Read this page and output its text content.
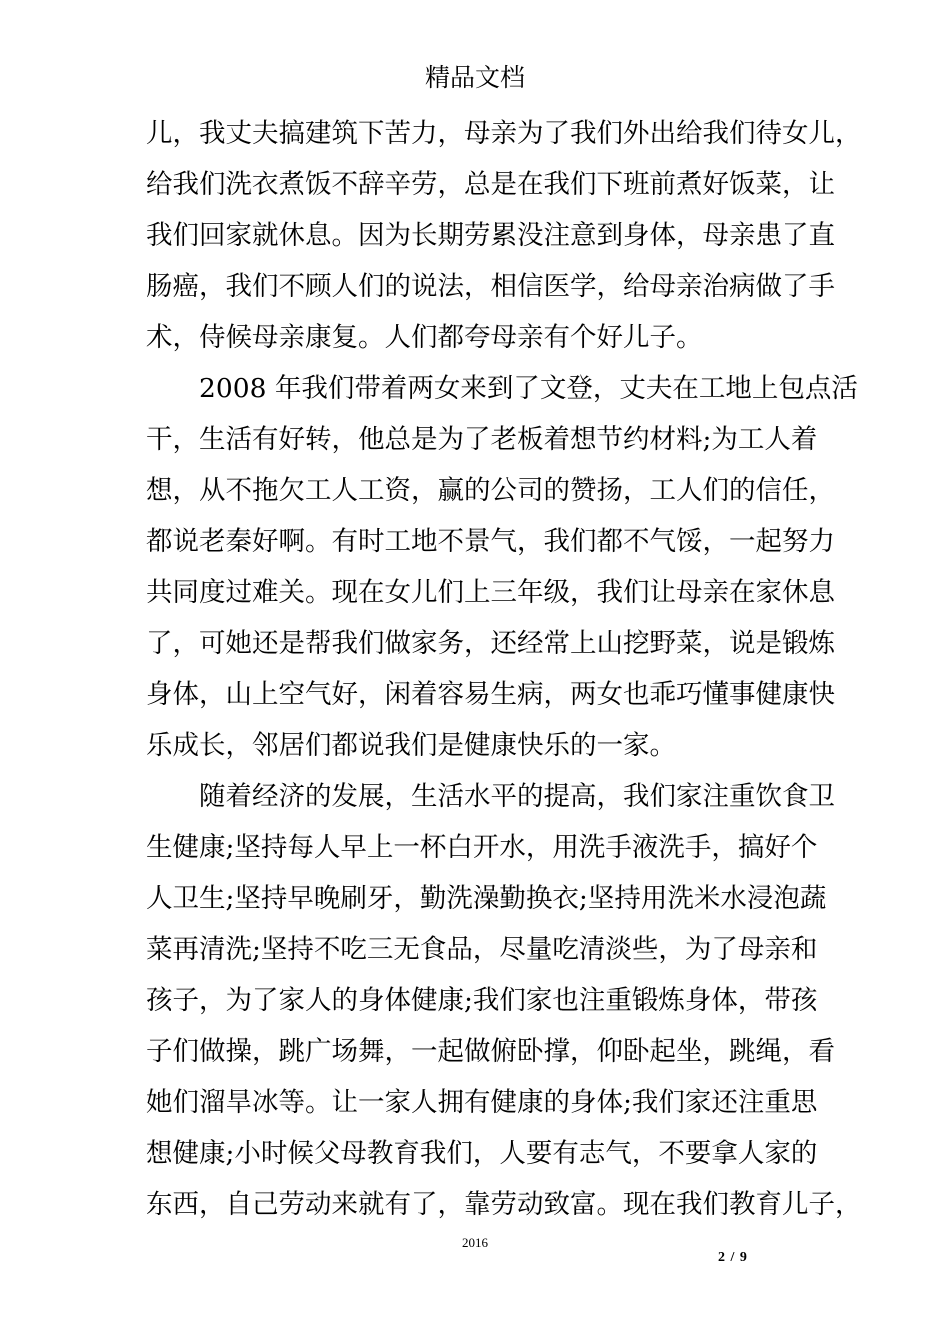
精品文档
儿，我丈夫搞建筑下苦力，母亲为了我们外出给我们待女儿，
给我们洗衣煮饭不辞辛劳，总是在我们下班前煮好饭菜，让
我们回家就休息。因为长期劳累没注意到身体，母亲患了直
肠癌，我们不顾人们的说法，相信医学，给母亲治病做了手
术，侍候母亲康复。人们都夸母亲有个好儿子。
2008 年我们带着两女来到了文登，丈夫在工地上包点活
干，生活有好转，他总是为了老板着想节约材料;为工人着
想，从不拖欠工人工资，赢的公司的赞扬，工人们的信任，
都说老秦好啊。有时工地不景气，我们都不气馁，一起努力
共同度过难关。现在女儿们上三年级，我们让母亲在家休息
了，可她还是帮我们做家务，还经常上山挖野菜，说是锻炼
身体，山上空气好，闲着容易生病，两女也乖巧懂事健康快
乐成长，邻居们都说我们是健康快乐的一家。
随着经济的发展，生活水平的提高，我们家注重饮食卫
生健康;坚持每人早上一杯白开水，用洗手液洗手，搞好个
人卫生;坚持早晚刷牙，勤洗澡勤换衣;坚持用洗米水浸泡蔬
菜再清洗;坚持不吃三无食品，尽量吃清淡些，为了母亲和
孩子，为了家人的身体健康;我们家也注重锻炼身体，带孩
子们做操，跳广场舞，一起做俯卧撑，仰卧起坐，跳绳，看
她们溜旱冰等。让一家人拥有健康的身体;我们家还注重思
想健康;小时候父母教育我们，人要有志气，不要拿人家的
东西，自己劳动来就有了，靠劳动致富。现在我们教育儿子，
2016
2 / 9
